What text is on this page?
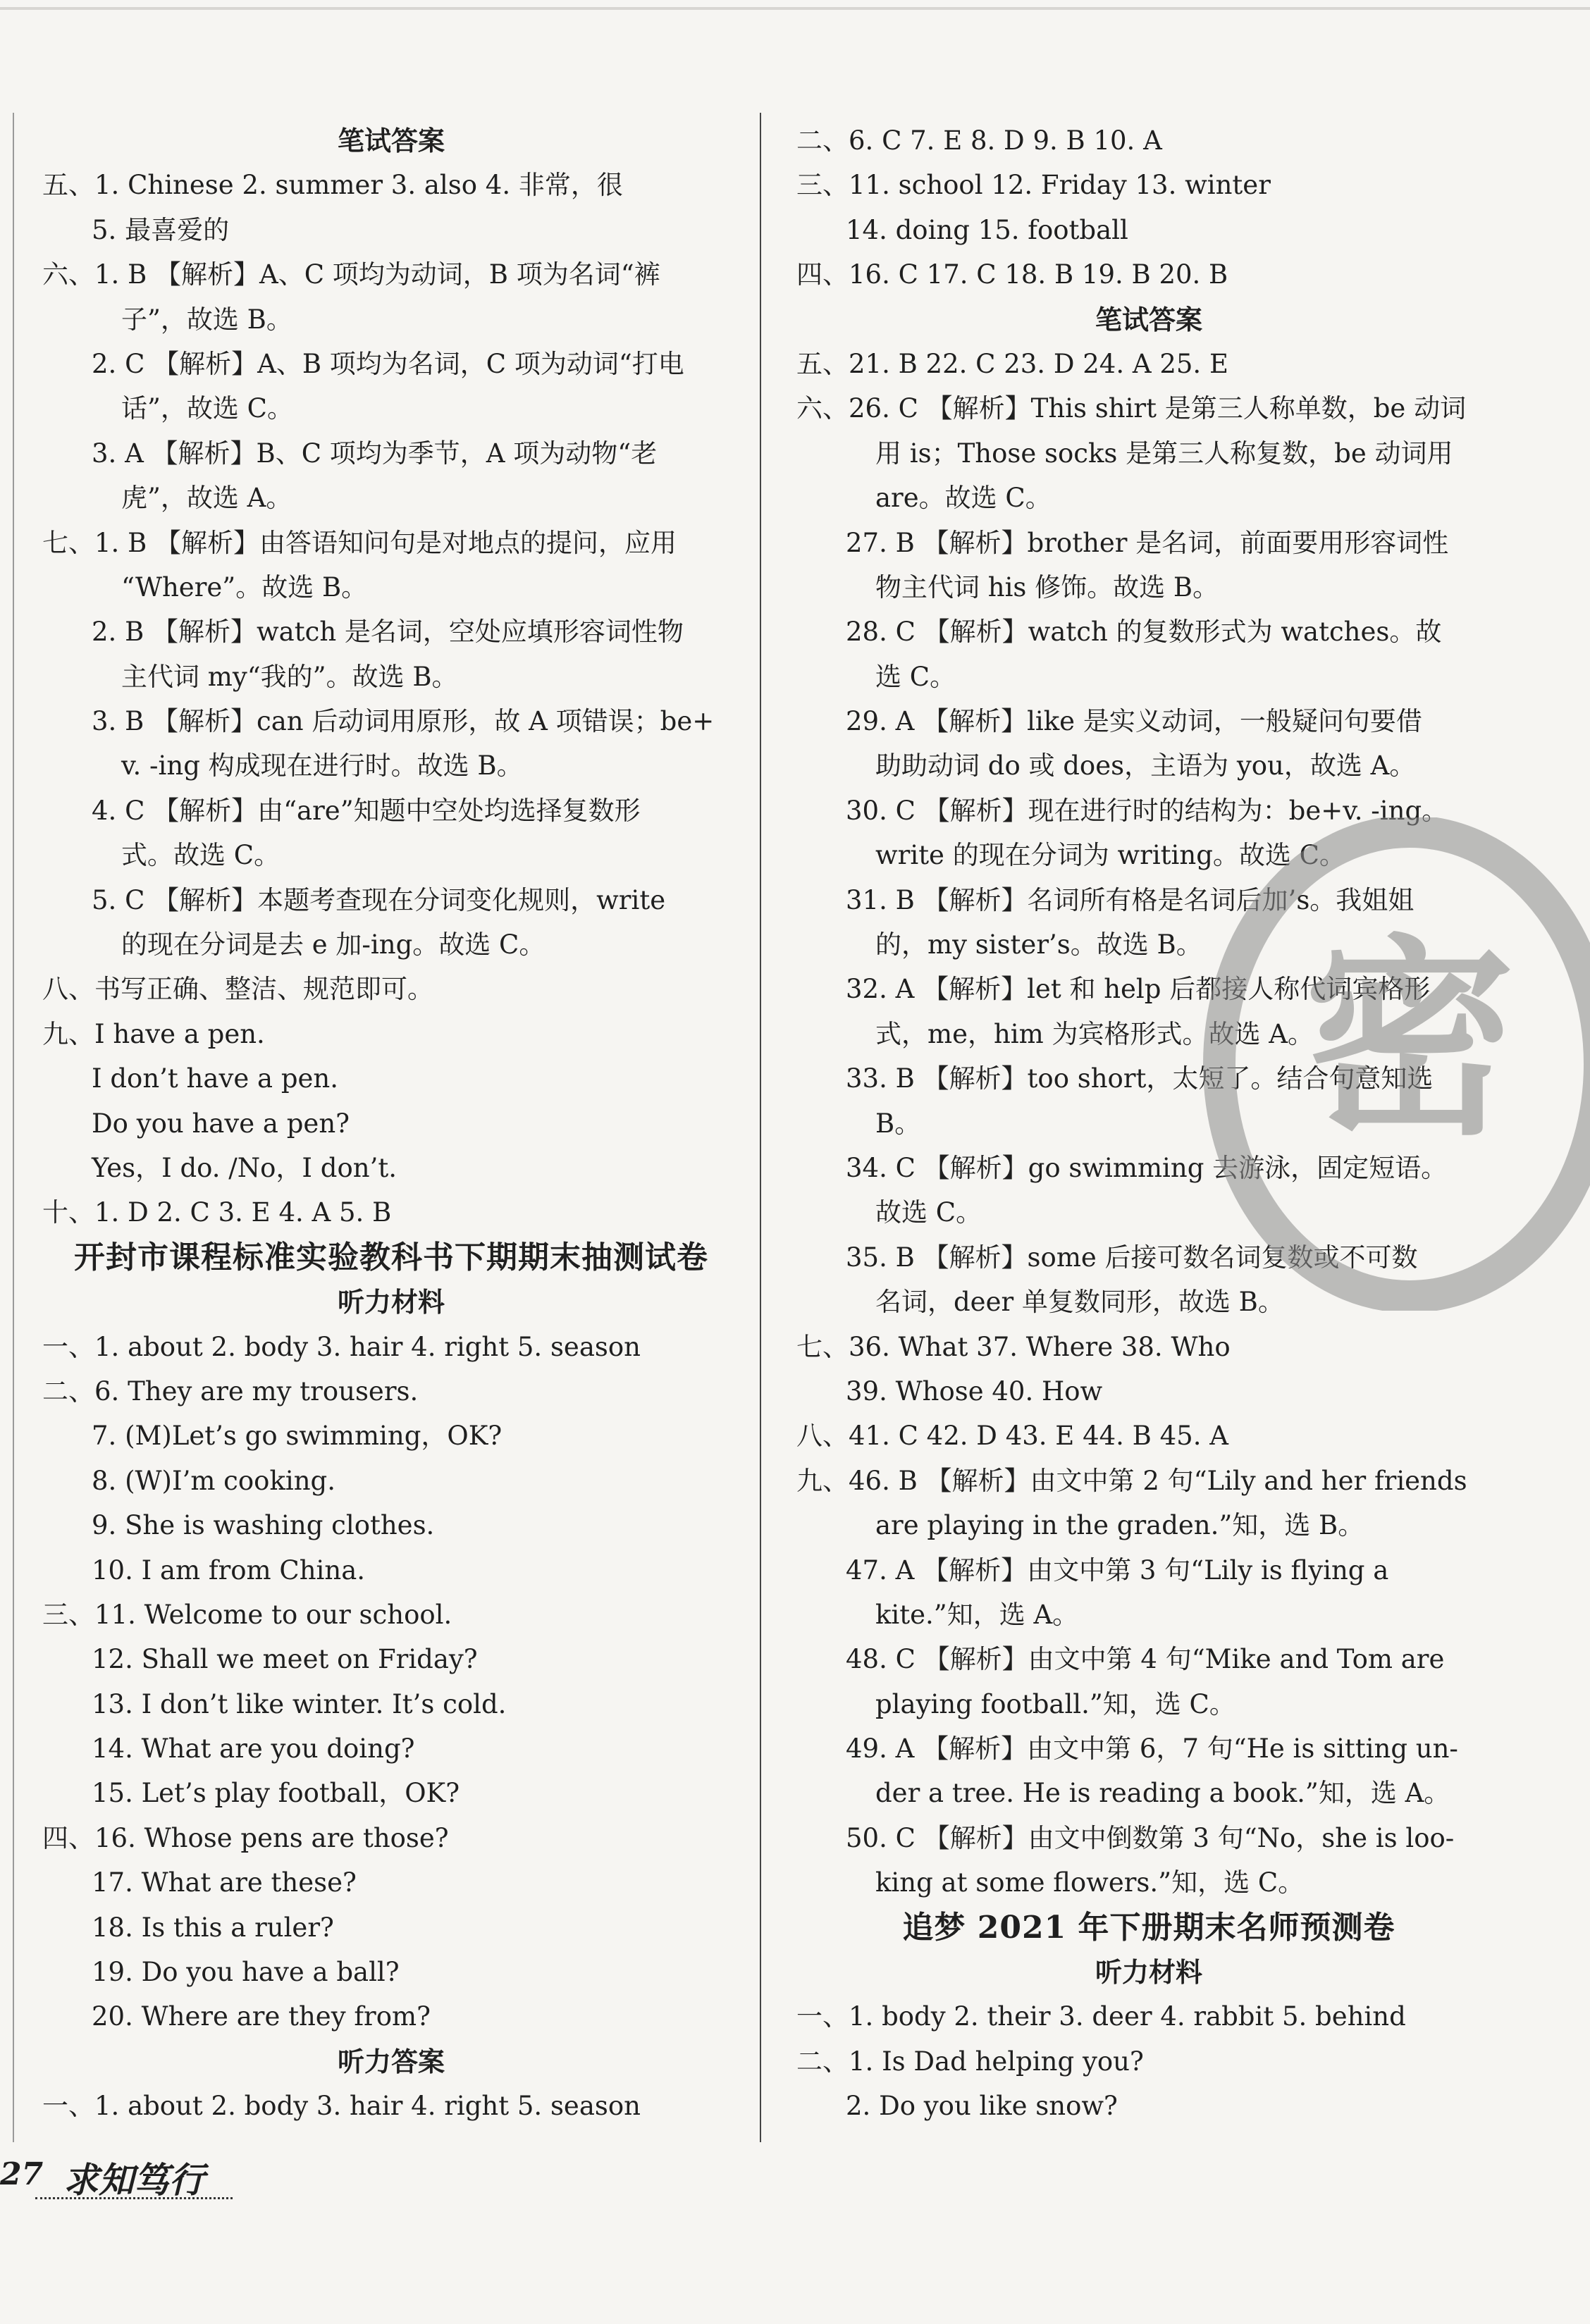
笔试答案
五、1. Chinese 2. summer 3. also 4. 非常，很
5. 最喜爱的
六、1. B 【解析】A、C 项均为动词，B 项为名词“裤
子”，故选 B。
2. C 【解析】A、B 项均为名词，C 项为动词“打电
话”，故选 C。
3. A 【解析】B、C 项均为季节，A 项为动物“老
虎”，故选 A。
七、1. B 【解析】由答语知问句是对地点的提问，应用
“Where”。故选 B。
2. B 【解析】watch 是名词，空处应填形容词性物
主代词 my“我的”。故选 B。
3. B 【解析】can 后动词用原形，故 A 项错误；be+
v. -ing 构成现在进行时。故选 B。
4. C 【解析】由“are”知题中空处均选择复数形
式。故选 C。
5. C 【解析】本题考查现在分词变化规则，write
的现在分词是去 e 加-ing。故选 C。
八、书写正确、整洁、规范即可。
九、I have a pen.
I don’t have a pen.
Do you have a pen?
Yes，I do. /No，I don’t.
十、1. D 2. C 3. E 4. A 5. B
开封市课程标准实验教科书下期期末抽测试卷
听力材料
一、1. about 2. body 3. hair 4. right 5. season
二、6. They are my trousers.
7. (M)Let’s go swimming，OK?
8. (W)I’m cooking.
9. She is washing clothes.
10. I am from China.
三、11. Welcome to our school.
12. Shall we meet on Friday?
13. I don’t like winter. It’s cold.
14. What are you doing?
15. Let’s play football，OK?
四、16. Whose pens are those?
17. What are these?
18. Is this a ruler?
19. Do you have a ball?
20. Where are they from?
听力答案
一、1. about 2. body 3. hair 4. right 5. season
二、6. C 7. E 8. D 9. B 10. A
三、11. school 12. Friday 13. winter
14. doing 15. football
四、16. C 17. C 18. B 19. B 20. B
笔试答案
五、21. B 22. C 23. D 24. A 25. E
六、26. C 【解析】This shirt 是第三人称单数，be 动词
用 is；Those socks 是第三人称复数，be 动词用
are。故选 C。
27. B 【解析】brother 是名词，前面要用形容词性
物主代词 his 修饰。故选 B。
28. C 【解析】watch 的复数形式为 watches。故
选 C。
29. A 【解析】like 是实义动词，一般疑问句要借
助助动词 do 或 does，主语为 you，故选 A。
30. C 【解析】现在进行时的结构为：be+v. -ing。
write 的现在分词为 writing。故选 C。
31. B 【解析】名词所有格是名词后加’s。我姐姐
的，my sister’s。故选 B。
32. A 【解析】let 和 help 后都接人称代词宾格形
式，me，him 为宾格形式。故选 A。
33. B 【解析】too short，太短了。结合句意知选
B。
34. C 【解析】go swimming 去游泳，固定短语。
故选 C。
35. B 【解析】some 后接可数名词复数或不可数
名词，deer 单复数同形，故选 B。
七、36. What 37. Where 38. Who
39. Whose 40. How
八、41. C 42. D 43. E 44. B 45. A
九、46. B 【解析】由文中第 2 句“Lily and her friends
are playing in the graden.”知，选 B。
47. A 【解析】由文中第 3 句“Lily is flying a
kite.”知，选 A。
48. C 【解析】由文中第 4 句“Mike and Tom are
playing football.”知，选 C。
49. A 【解析】由文中第 6，7 句“He is sitting un-
der a tree. He is reading a book.”知，选 A。
50. C 【解析】由文中倒数第 3 句“No，she is loo-
king at some flowers.”知，选 C。
追梦 2021 年下册期末名师预测卷
听力材料
一、1. body 2. their 3. deer 4. rabbit 5. behind
二、1. Is Dad helping you?
2. Do you like snow?
密
27 求知笃行
